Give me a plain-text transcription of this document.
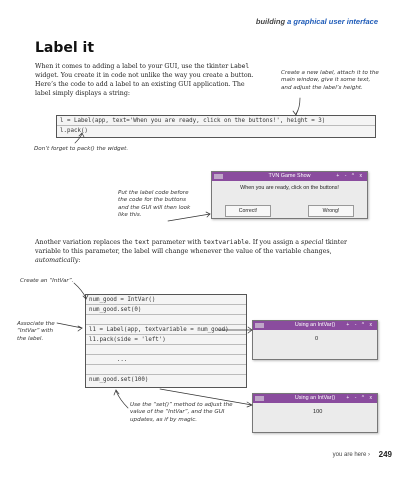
building a graphical user interface
Label it
When it comes to adding a label to your GUI, use the tkinter Label widget. You create it in code not unlike the way you create a button. Here’s the code to add a label to an existing GUI application. The label simply displays a string:
Create a new label, attach it to the main window, give it some text, and adjust the label’s height.
l = Label(app, text='When you are ready, click on the buttons!', height = 3)
l.pack()
Don’t forget to pack() the widget.
Put the label code before the code for the buttons and the GUI will then look like this.
TVN Game Show	+ - ^ x
When you are ready, click on the buttons!
Correct!	Wrong!
Another variation replaces the text parameter with textvariable. If you assign a special tkinter variable to this parameter, the label will change whenever the value of the variable changes, automatically:
Create an “IntVar”.
Associate the “IntVar” with the label.
num_good = IntVar()
num_good.set(0)
l1 = Label(app, textvariable = num_good)
l1.pack(side = 'left')
...
num_good.set(100)
Using an IntVar() + - ^ x
0
Using an IntVar() + - ^ x
100
Use the “set()” method to adjust the value of the “IntVar”, and the GUI updates, as if by magic.
you are here › 249
